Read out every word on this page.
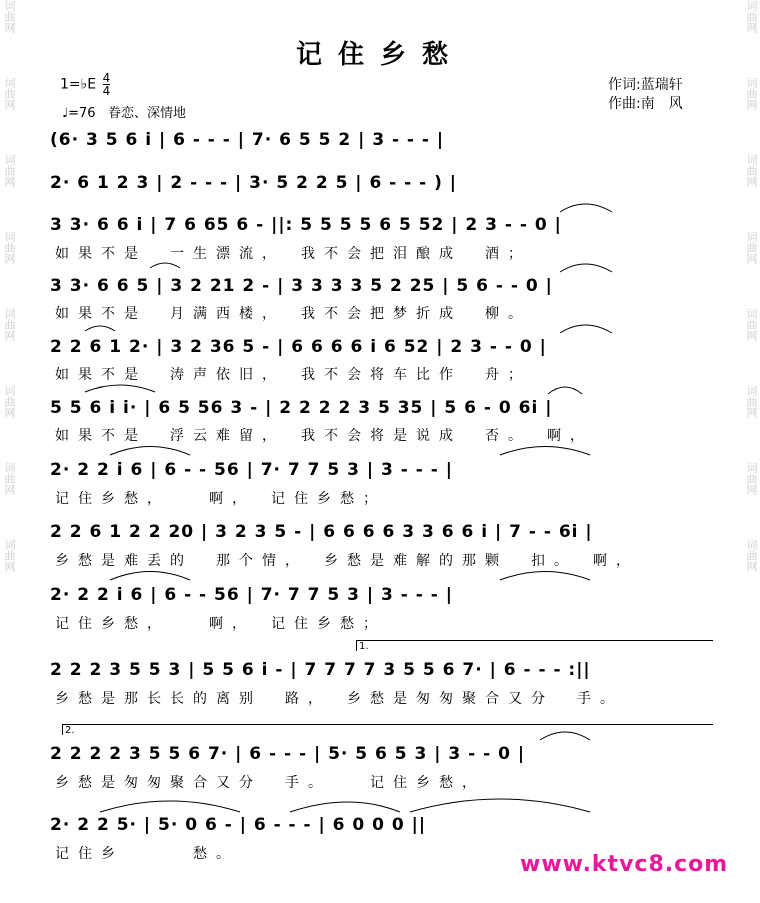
词曲网
词曲网
词曲网
词曲网
词曲网
词曲网
词曲网
词曲网
词曲网
词曲网
词曲网
词曲网
词曲网
词曲网
词曲网
词曲网
记住乡愁
1=♭E $\frac{4}{4}$
♩=76 眷恋、深情地
作词:蓝瑞轩
作曲:南　风
(6· 3 5 6 i | 6 - - - | 7· 6 5 5 2 | 3 - - - |
2· 6 1 2 3 | 2 - - - | 3· 5 2 2 5 | 6 - - - ) |
3 3· 6 6 i | 7 6 65 6 - ||: 5 5 5 5 6 5 52 | 2 3 - - 0 |
如果不是　一生漂流，　我不会把泪酿成　酒；
3 3· 6 6 5 | 3 2 21 2 - | 3 3 3 3 5 2 25 | 5 6 - - 0 |
如果不是　月满西楼，　我不会把梦折成　柳。
2 2 6 1 2· | 3 2 36 5 - | 6 6 6 6 i 6 52 | 2 3 - - 0 |
如果不是　涛声依旧，　我不会将车比作　舟；
5 5 6 i i· | 6 5 56 3 - | 2 2 2 2 3 5 35 | 5 6 - 0 6i |
如果不是　浮云难留，　我不会将是说成　否。　啊，
2· 2 2 i 6 | 6 - - 56 | 7· 7 7 5 3 | 3 - - - |
记住乡愁，　　啊，　记住乡愁；
2 2 6 1 2 2 20 | 3 2 3 5 - | 6 6 6 6 3 3 6 6 i | 7 - - 6i |
乡愁是难丢的　那个情，　乡愁是难解的那颗　扣。　啊，
2· 2 2 i 6 | 6 - - 56 | 7· 7 7 5 3 | 3 - - - |
记住乡愁，　　啊，　记住乡愁；
1.
2 2 2 3 5 5 3 | 5 5 6 i - | 7 7 7 7 3 5 5 6 7· | 6 - - - :||
乡愁是那长长的离别　路，　乡愁是匆匆聚合又分　手。
2.
2 2 2 2 3 5 5 6 7· | 6 - - - | 5· 5 6 5 3 | 3 - - 0 |
乡愁是匆匆聚合又分　手。　　记住乡愁，
2· 2 2 5· | 5· 0 6 - | 6 - - - | 6 0 0 0 ||
记住乡　　　愁。	www.ktvc8.com
